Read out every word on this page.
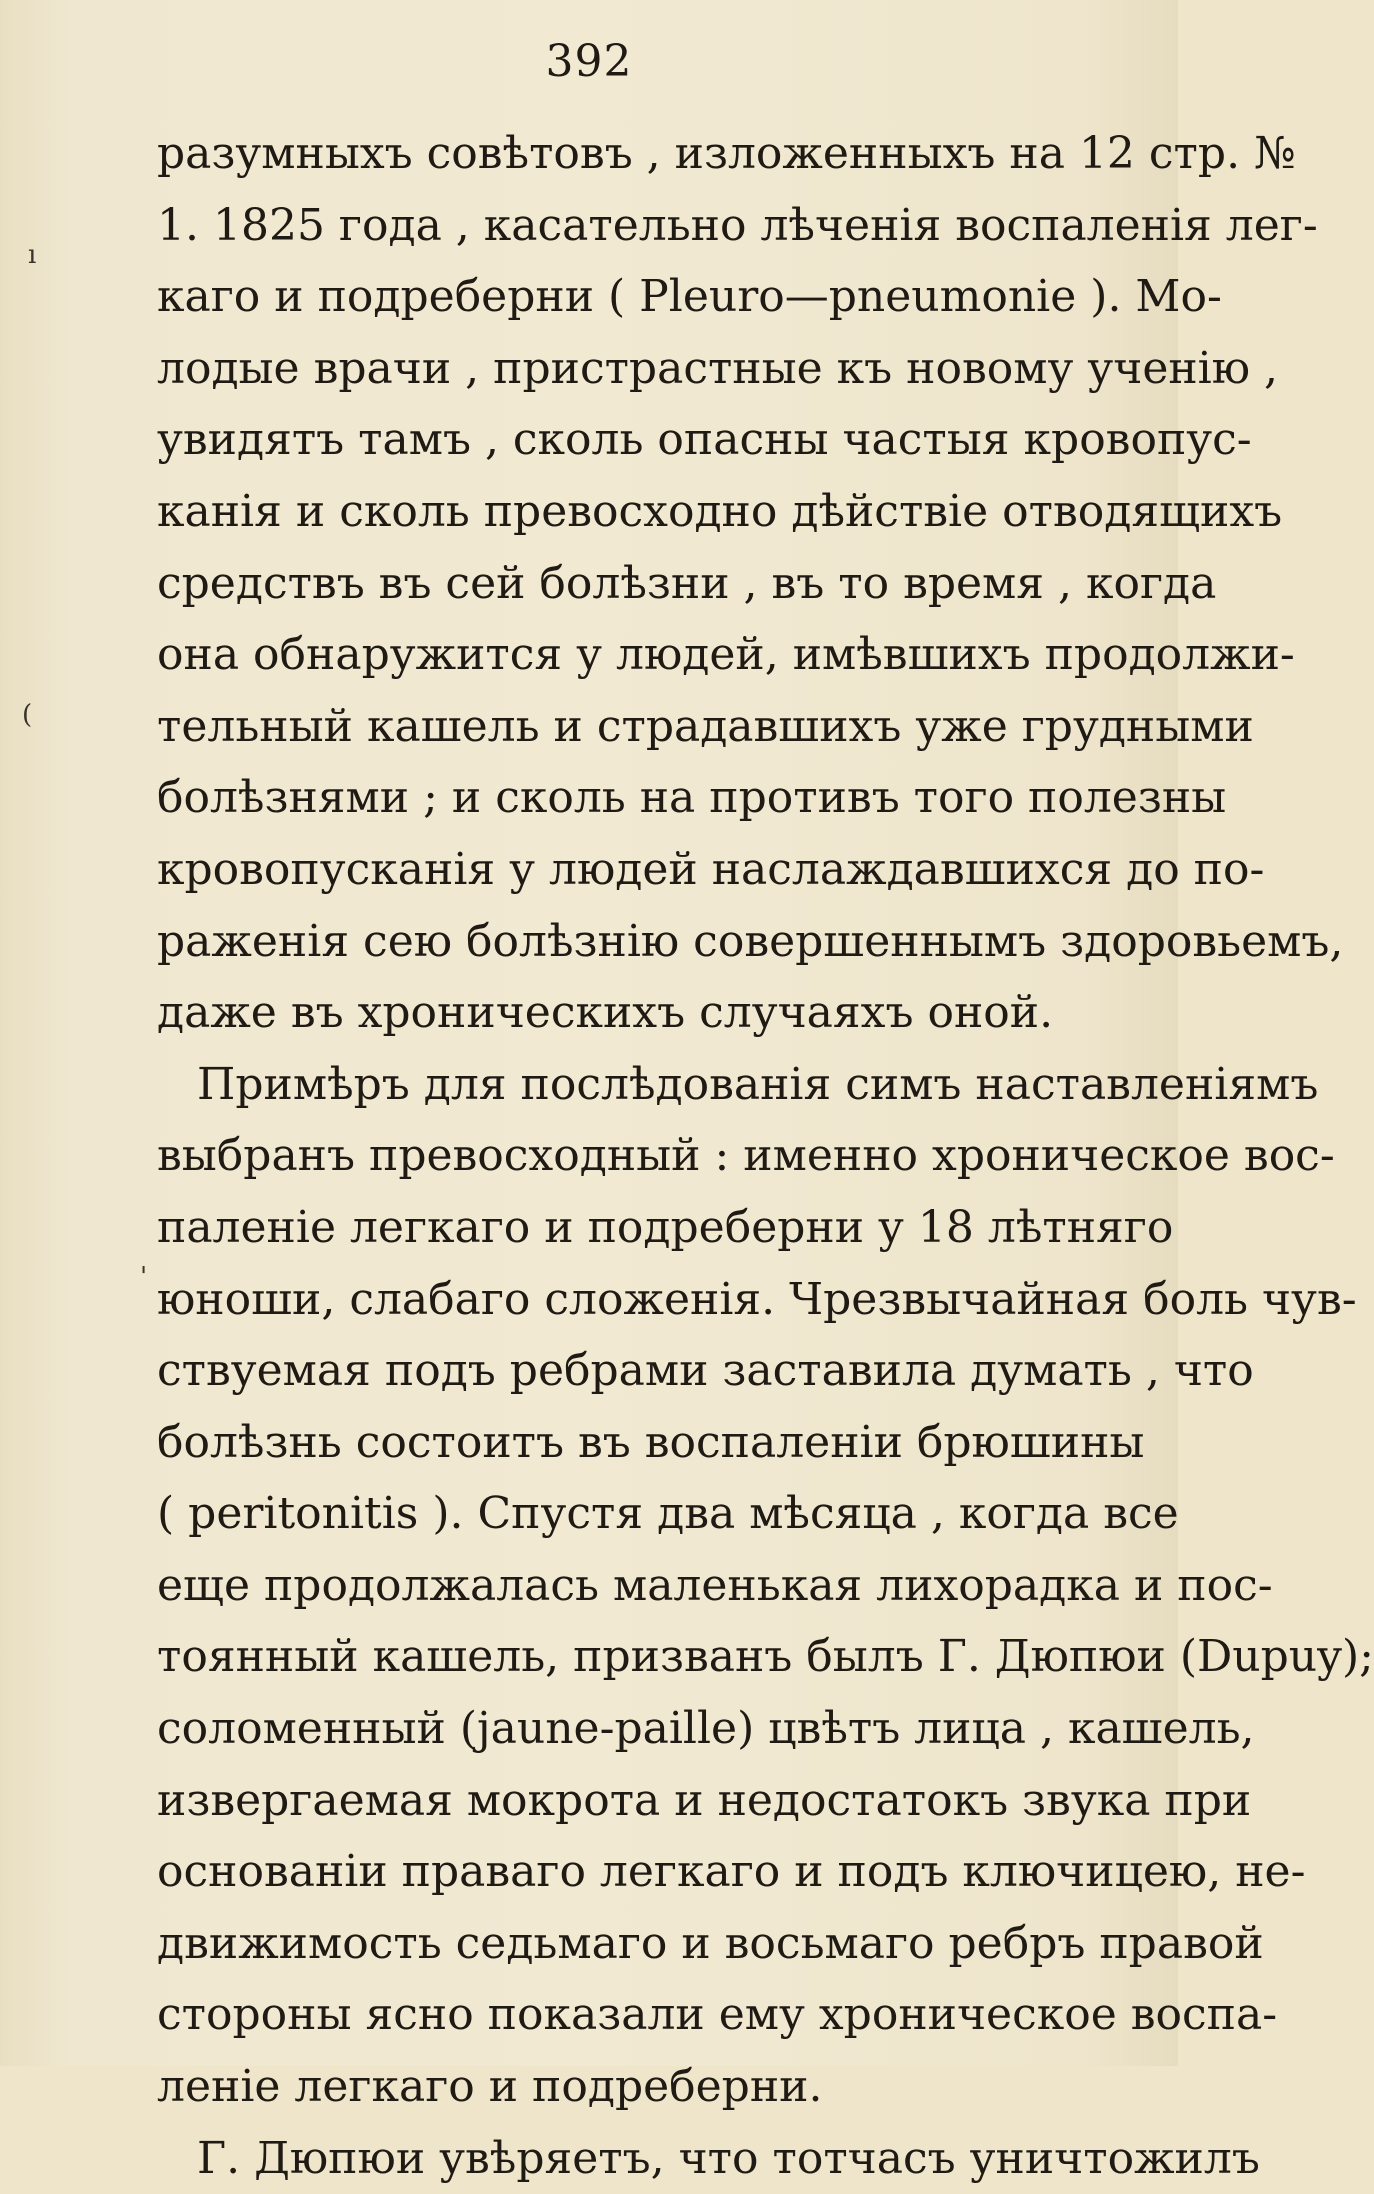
392
ı
(
'
разумныхъ совѣтовъ , изложенныхъ на 12 стр. №
1. 1825 года , касательно лѣченія воспаленія лег-
каго и подреберни ( Pleuro—pneumonie ). Мо-
лодые врачи , пристрастные къ новому ученію ,
увидятъ тамъ , сколь опасны частыя кровопус-
канія и сколь превосходно дѣйствіе отводящихъ
средствъ въ сей болѣзни , въ то время , когда
она обнаружится у людей, имѣвшихъ продолжи-
тельный кашель и страдавшихъ уже грудными
болѣзнями ; и сколь на противъ того полезны
кровопусканія у людей наслаждавшихся до по-
раженія сею болѣзнію совершеннымъ здоровьемъ,
даже въ хроническихъ случаяхъ оной.
Примѣръ для послѣдованія симъ наставленіямъ
выбранъ превосходный : именно хроническое вос-
паленіе легкаго и подреберни у 18 лѣтняго
юноши, слабаго сложенія. Чрезвычайная боль чув-
ствуемая подъ ребрами заставила думать , что
болѣзнь состоитъ въ воспаленіи брюшины
( peritonitis ). Спустя два мѣсяца , когда все
еще продолжалась маленькая лихорадка и пос-
тоянный кашель, призванъ былъ Г. Дюпюи (Dupuy);
соломенный (jaune-paille) цвѣтъ лица , кашель,
извергаемая мокрота и недостатокъ звука при
основаніи праваго легкаго и подъ ключицею, не-
движимость седьмаго и восьмаго ребръ правой
стороны ясно показали ему хроническое воспа-
леніе легкаго и подреберни.
Г. Дюпюи увѣряетъ, что тотчасъ уничтожилъ
